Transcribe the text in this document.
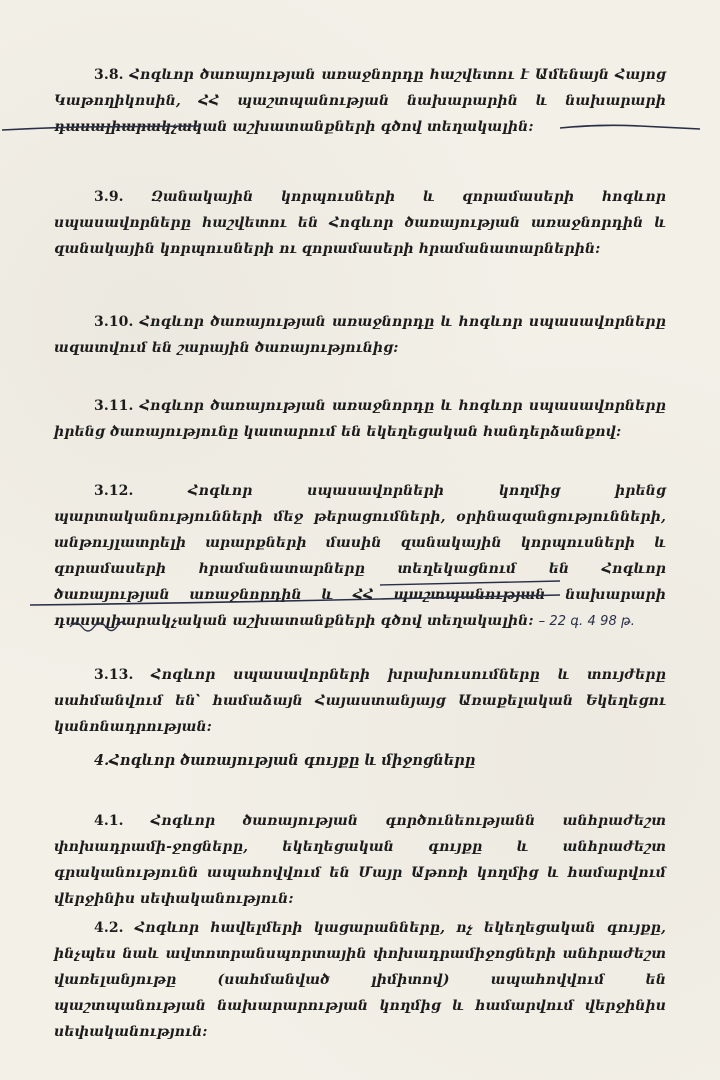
3.8. Հոգևոր ծառայության առաջնորդը hաշվետու է Ամենայն Հայոց Կաթողիկոսին, ՀՀ պաշտպանության նախարարին և նախարարի դասալիարակչական աշխատանքների գծով տեղակալին:

3.9. Զանակային կորպուսների և զորամասերի hոգևոր սպասավորները hաշվետու են Հոգևոր ծառայության առաջնորդին և զանակային կորպուսների ու զորամասերի hրամանատարներին:

3.10. Հոգևոր ծառայության առաջնորդը և hոգևոր սպասավորները ազատվում են շարային ծառայությունից:

3.11. Հոգևոր ծառայության առաջնորդը և hոգևոր սպասավորները իրենց ծառայությունը կատարում են եկեղեցական hանդերձանքով:

3.12.	Հոգևոր սպասավորների կողմից իրենց պարտականությունների մեջ թերացումների, օրինազանցությունների, անթույլատրելի արարքների մասին զանակային կորպուսների և զորամասերի hրամանատարները տեղեկացնում են Հոգևոր ծառայության առաջնորդին և ՀՀ պաշտպանության նախարարի դասալիարակչական աշխատանքների գծով տեղակալին: – 22 գ. 4 98 թ.

3.13. Հոգևոր սպասավորների խրախուսումները և տույժերը սահմանվում են՝ համաձայն Հայաստանյայց Առաքելական Եկեղեցու կանոնադրության:

4.Հոգևոր ծառայության գույքը և միջոցները

4.1. Հոգևոր ծառայության գործունեությանն անհրաժեշտ փոխադրամի-ջոցները, եկեղեցական գույքը և անհրաժեշտ գրականությունն ապահովվում են Մայր Աթոռի կողմից և համարվում վերջինիս սեփականություն:

4.2. Հոգևոր hավելմերի կացարանները, ոչ եկեղեցական գույքը, ինչպես նաև ավտոտրանսպորտային փոխադրամիջոցների անհրաժեշտ վառելանյութը (սահմանված լիմիտով) ապահովվում են պաշտպանության նախարարության կողմից և համարվում վերջինիս սեփականություն:
